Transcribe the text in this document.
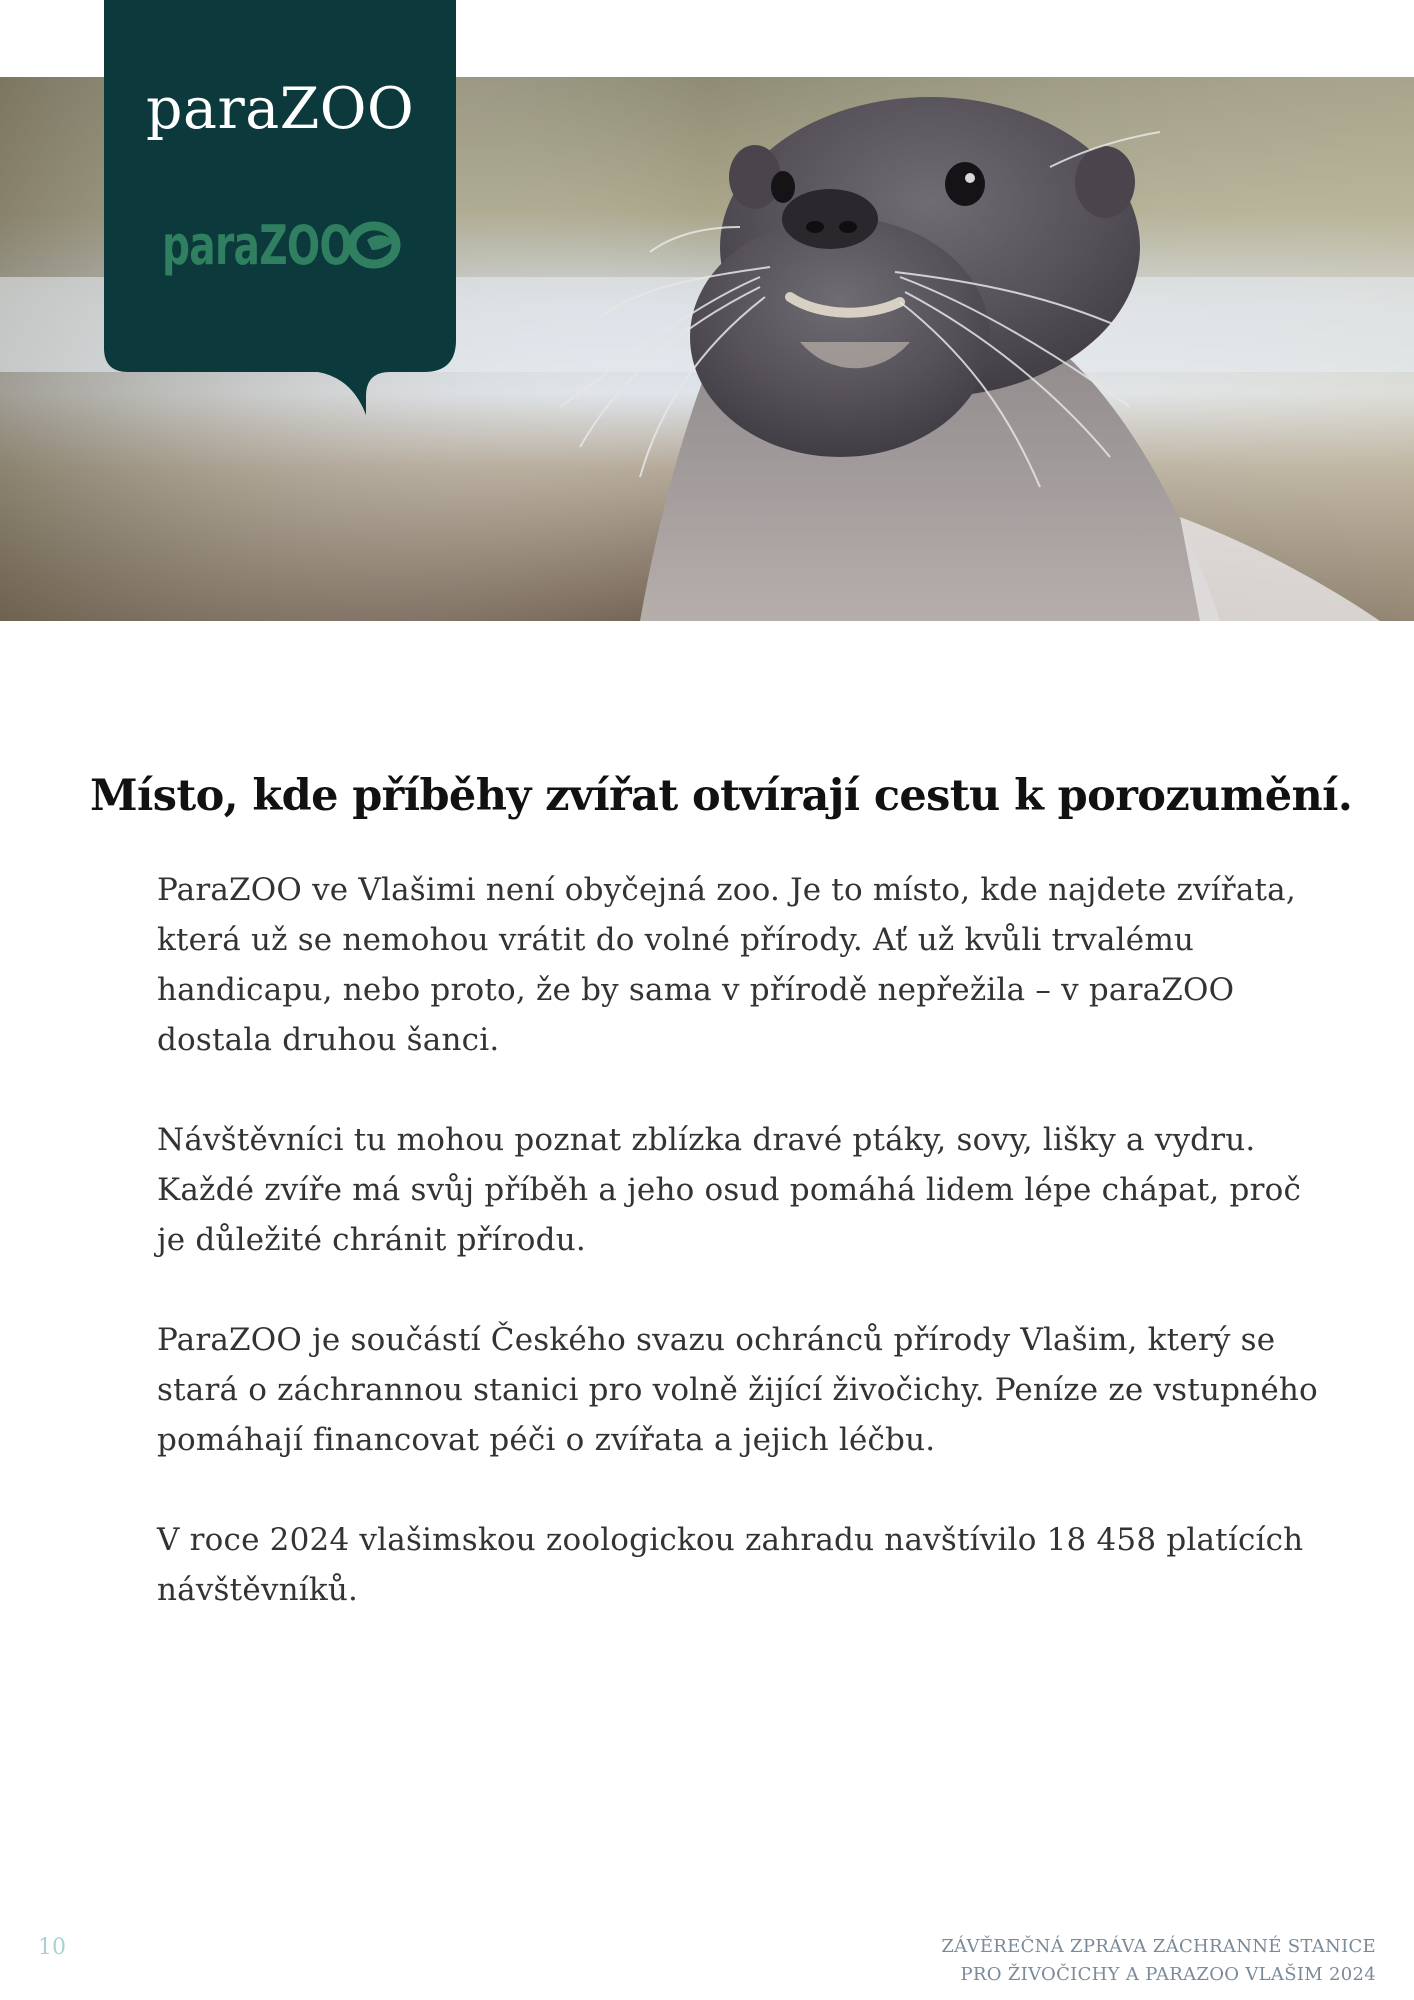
paraZOO
paraZOO
Místo, kde příběhy zvířat otvírají cestu k porozumění.

ParaZOO ve Vlašimi není obyčejná zoo. Je to místo, kde najdete zvířata, která už se nemohou vrátit do volné přírody. Ať už kvůli trvalému handicapu, nebo proto, že by sama v přírodě nepřežila – v paraZOO dostala druhou šanci.

Návštěvníci tu mohou poznat zblízka dravé ptáky, sovy, lišky a vydru. Každé zvíře má svůj příběh a jeho osud pomáhá lidem lépe chápat, proč je důležité chránit přírodu.

ParaZOO je součástí Českého svazu ochránců přírody Vlašim, který se stará o záchrannou stanici pro volně žijící živočichy. Peníze ze vstupného pomáhají financovat péči o zvířata a jejich léčbu.

V roce 2024 vlašimskou zoologickou zahradu navštívilo 18 458 platících návštěvníků.

10	ZÁVĚREČNÁ ZPRÁVA ZÁCHRANNÉ STANICE
PRO ŽIVOČICHY A PARAZOO VLAŠIM 2024
